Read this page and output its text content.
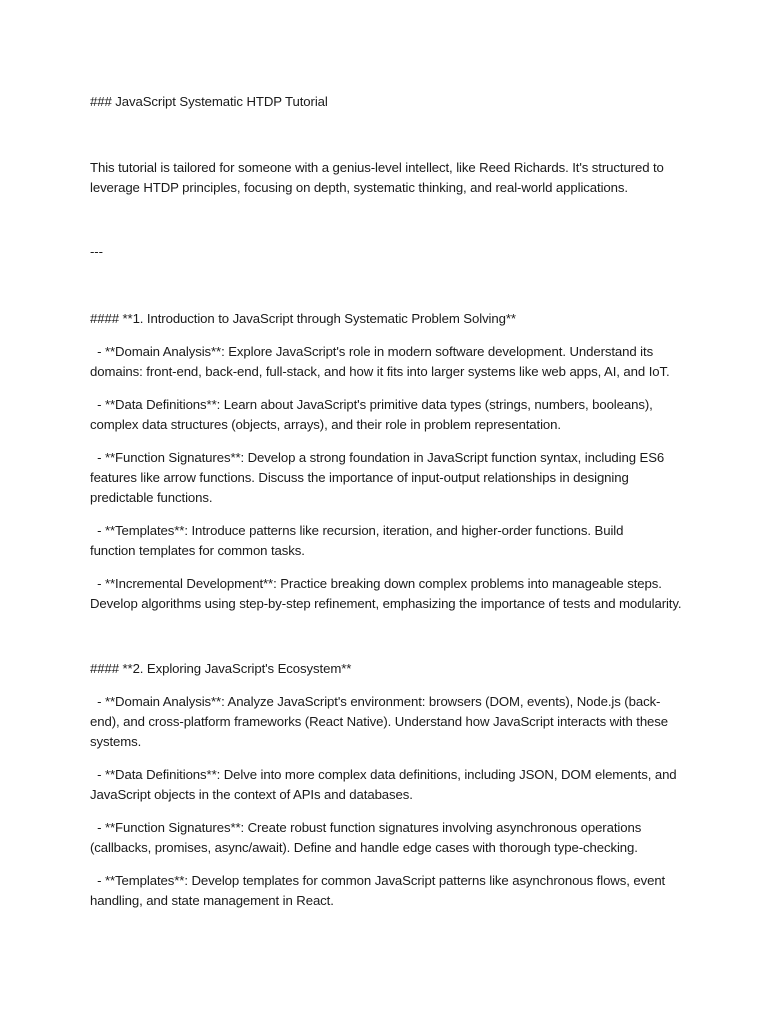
### JavaScript Systematic HTDP Tutorial
This tutorial is tailored for someone with a genius-level intellect, like Reed Richards. It's structured to
leverage HTDP principles, focusing on depth, systematic thinking, and real-world applications.
---
#### **1. Introduction to JavaScript through Systematic Problem Solving**
- **Domain Analysis**: Explore JavaScript's role in modern software development. Understand its
domains: front-end, back-end, full-stack, and how it fits into larger systems like web apps, AI, and IoT.
- **Data Definitions**: Learn about JavaScript's primitive data types (strings, numbers, booleans),
complex data structures (objects, arrays), and their role in problem representation.
- **Function Signatures**: Develop a strong foundation in JavaScript function syntax, including ES6
features like arrow functions. Discuss the importance of input-output relationships in designing
predictable functions.
- **Templates**: Introduce patterns like recursion, iteration, and higher-order functions. Build
function templates for common tasks.
- **Incremental Development**: Practice breaking down complex problems into manageable steps.
Develop algorithms using step-by-step refinement, emphasizing the importance of tests and modularity.
#### **2. Exploring JavaScript's Ecosystem**
- **Domain Analysis**: Analyze JavaScript's environment: browsers (DOM, events), Node.js (back-
end), and cross-platform frameworks (React Native). Understand how JavaScript interacts with these
systems.
- **Data Definitions**: Delve into more complex data definitions, including JSON, DOM elements, and
JavaScript objects in the context of APIs and databases.
- **Function Signatures**: Create robust function signatures involving asynchronous operations
(callbacks, promises, async/await). Define and handle edge cases with thorough type-checking.
- **Templates**: Develop templates for common JavaScript patterns like asynchronous flows, event
handling, and state management in React.
